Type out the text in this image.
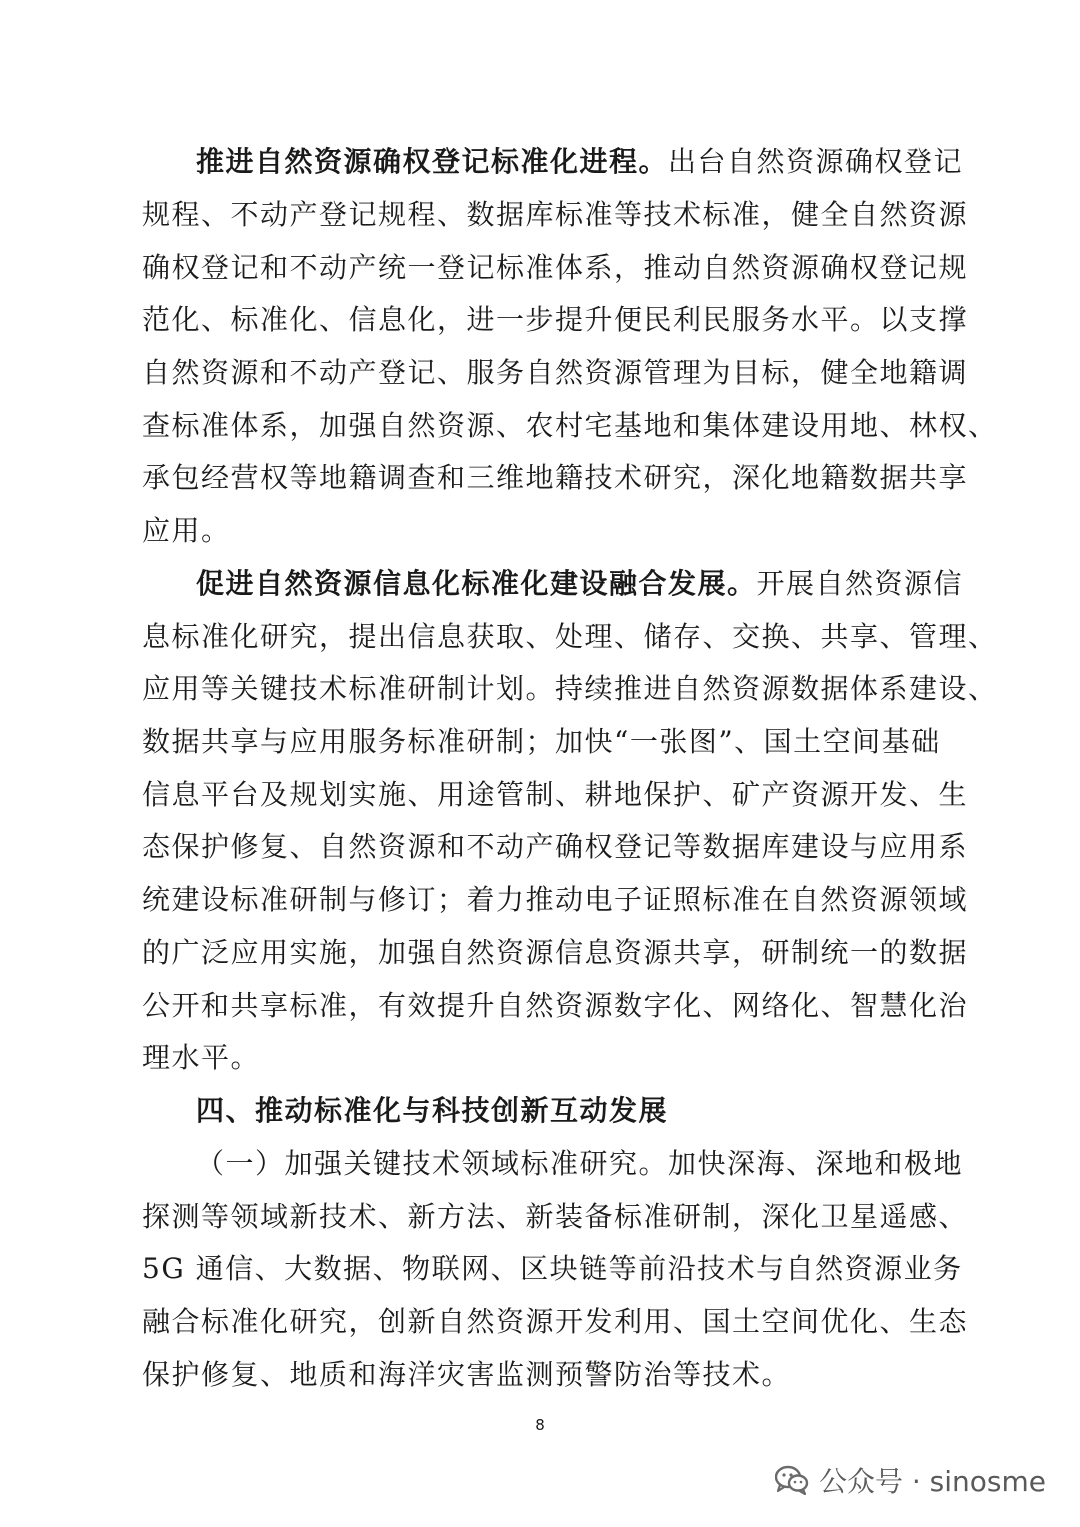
推进自然资源确权登记标准化进程。出台自然资源确权登记
规程、不动产登记规程、数据库标准等技术标准，健全自然资源
确权登记和不动产统一登记标准体系，推动自然资源确权登记规
范化、标准化、信息化，进一步提升便民利民服务水平。以支撑
自然资源和不动产登记、服务自然资源管理为目标，健全地籍调
查标准体系，加强自然资源、农村宅基地和集体建设用地、林权、
承包经营权等地籍调查和三维地籍技术研究，深化地籍数据共享
应用。
促进自然资源信息化标准化建设融合发展。开展自然资源信
息标准化研究，提出信息获取、处理、储存、交换、共享、管理、
应用等关键技术标准研制计划。持续推进自然资源数据体系建设、
数据共享与应用服务标准研制；加快“一张图”、国土空间基础
信息平台及规划实施、用途管制、耕地保护、矿产资源开发、生
态保护修复、自然资源和不动产确权登记等数据库建设与应用系
统建设标准研制与修订；着力推动电子证照标准在自然资源领域
的广泛应用实施，加强自然资源信息资源共享，研制统一的数据
公开和共享标准，有效提升自然资源数字化、网络化、智慧化治
理水平。
四、推动标准化与科技创新互动发展
（一）加强关键技术领域标准研究。加快深海、深地和极地
探测等领域新技术、新方法、新装备标准研制，深化卫星遥感、
5G 通信、大数据、物联网、区块链等前沿技术与自然资源业务
融合标准化研究，创新自然资源开发利用、国土空间优化、生态
保护修复、地质和海洋灾害监测预警防治等技术。
8
公众号 · sinosme
